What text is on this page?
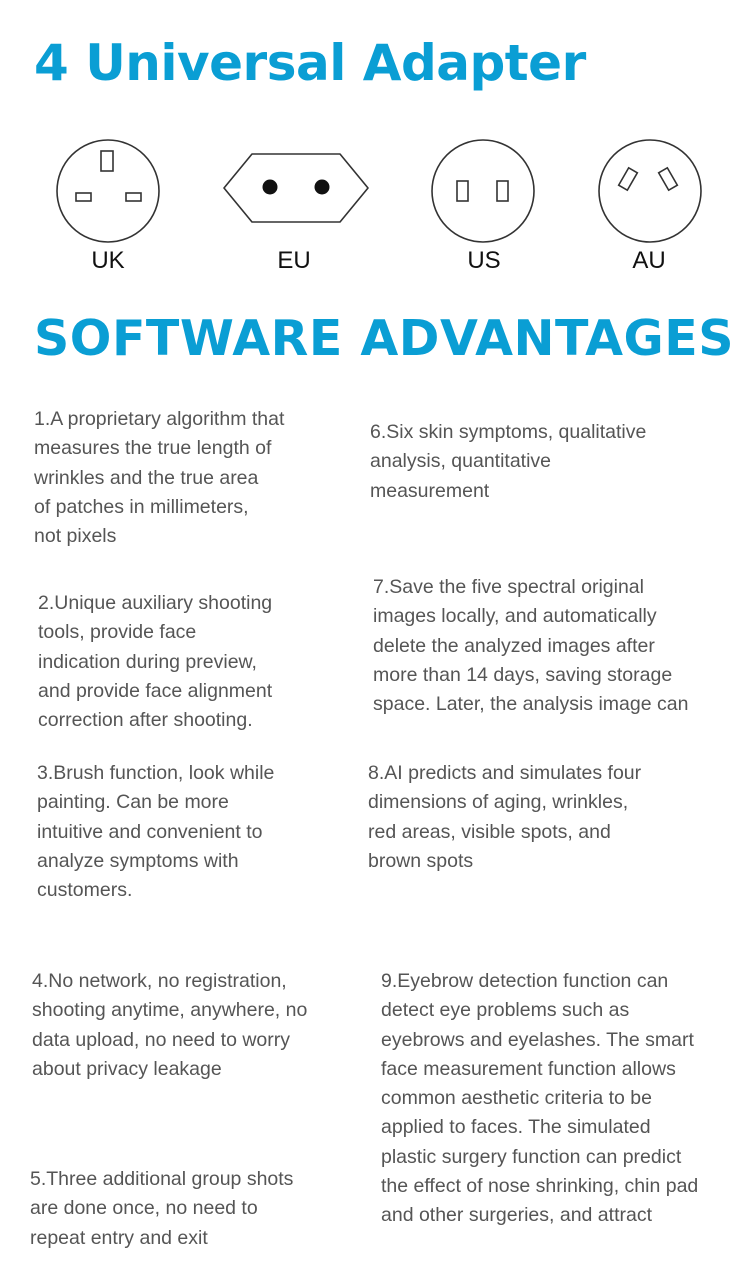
4 Universal Adapter
UK	EU	US	AU
SOFTWARE ADVANTAGES

1.A proprietary algorithm that
measures the true length of
wrinkles and the true area
of patches in millimeters,
not pixels

2.Unique auxiliary shooting
tools, provide face
indication during preview,
and provide face alignment
correction after shooting.

3.Brush function, look while
painting. Can be more
intuitive and convenient to
analyze symptoms with
customers.

4.No network, no registration,
shooting anytime, anywhere, no
data upload, no need to worry
about privacy leakage

5.Three additional group shots
are done once, no need to
repeat entry and exit

6.Six skin symptoms, qualitative
analysis, quantitative
measurement

7.Save the five spectral original
images locally, and automatically
delete the analyzed images after
more than 14 days, saving storage
space. Later, the analysis image can

8.AI predicts and simulates four
dimensions of aging, wrinkles,
red areas, visible spots, and
brown spots

9.Eyebrow detection function can
detect eye problems such as
eyebrows and eyelashes. The smart
face measurement function allows
common aesthetic criteria to be
applied to faces. The simulated
plastic surgery function can predict
the effect of nose shrinking, chin pad
and other surgeries, and attract
